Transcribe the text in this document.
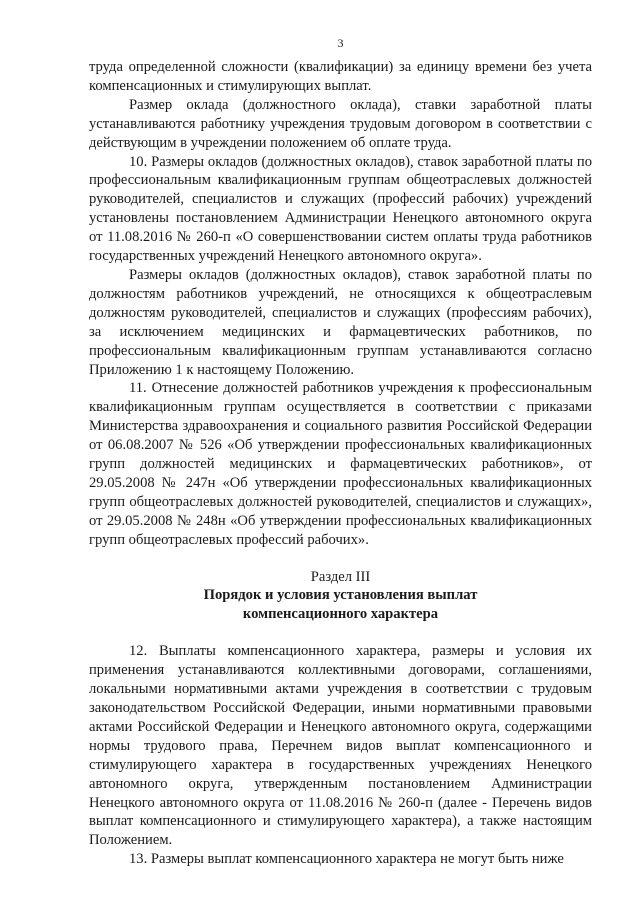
3

труда определенной сложности (квалификации) за единицу времени без учета компенсационных и стимулирующих выплат.

Размер оклада (должностного оклада), ставки заработной платы устанавливаются работнику учреждения трудовым договором в соответствии с действующим в учреждении положением об оплате труда.

10. Размеры окладов (должностных окладов), ставок заработной платы по профессиональным квалификационным группам общеотраслевых должностей руководителей, специалистов и служащих (профессий рабочих) учреждений установлены постановлением Администрации Ненецкого автономного округа от 11.08.2016 № 260-п «О совершенствовании систем оплаты труда работников государственных учреждений Ненецкого автономного округа».

Размеры окладов (должностных окладов), ставок заработной платы по должностям работников учреждений, не относящихся к общеотраслевым должностям руководителей, специалистов и служащих (профессиям рабочих), за исключением медицинских и фармацевтических работников, по профессиональным квалификационным группам устанавливаются согласно Приложению 1 к настоящему Положению.

11. Отнесение должностей работников учреждения к профессиональным квалификационным группам осуществляется в соответствии с приказами Министерства здравоохранения и социального развития Российской Федерации от 06.08.2007 № 526 «Об утверждении профессиональных квалификационных групп должностей медицинских и фармацевтических работников», от 29.05.2008 № 247н «Об утверждении профессиональных квалификационных групп общеотраслевых должностей руководителей, специалистов и служащих», от 29.05.2008 № 248н «Об утверждении профессиональных квалификационных групп общеотраслевых профессий рабочих».

Раздел III

Порядок и условия установления выплат

компенсационного характера

12. Выплаты компенсационного характера, размеры и условия их применения устанавливаются коллективными договорами, соглашениями, локальными нормативными актами учреждения в соответствии с трудовым законодательством Российской Федерации, иными нормативными правовыми актами Российской Федерации и Ненецкого автономного округа, содержащими нормы трудового права, Перечнем видов выплат компенсационного и стимулирующего характера в государственных учреждениях Ненецкого автономного округа, утвержденным постановлением Администрации Ненецкого автономного округа от 11.08.2016 № 260-п (далее - Перечень видов выплат компенсационного и стимулирующего характера), а также настоящим Положением.

13. Размеры выплат компенсационного характера не могут быть ниже
